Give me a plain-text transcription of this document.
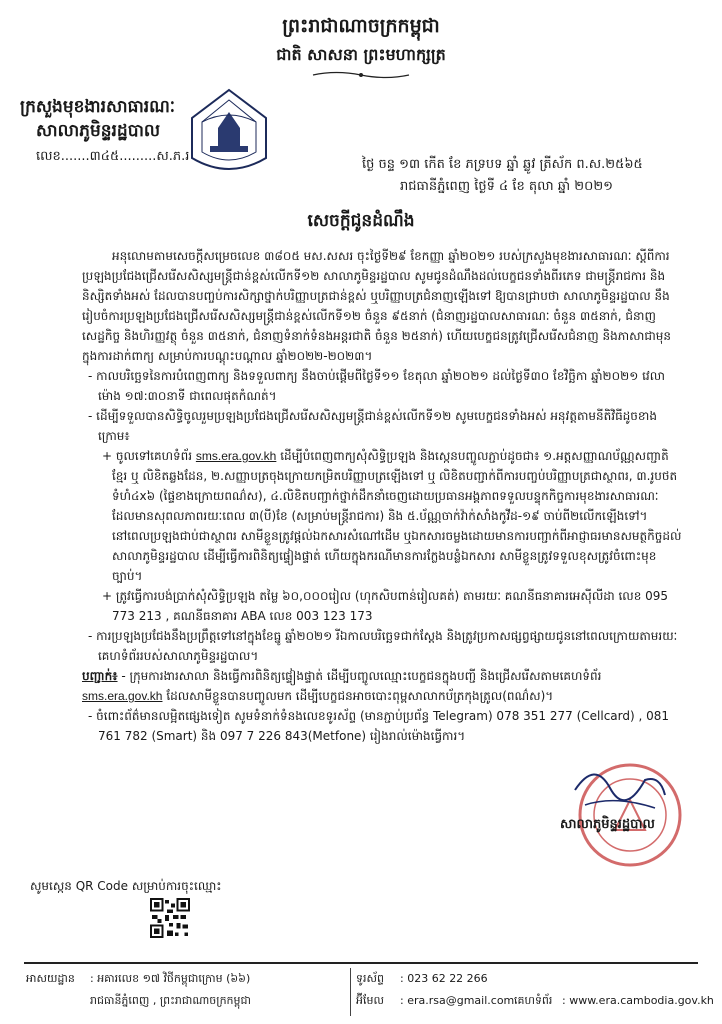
ព្រះរាជាណាចក្រកម្ពុជា
ជាតិ សាសនា ព្រះមហាក្សត្រ
ក្រសួងមុខងារសាធារណៈ
សាលាភូមិន្ទរដ្ឋបាល
លេខ.......៣៤៥.........ស.ភ.រ
ថ្ងៃ ចន្ទ ១៣ កើត ខែ ភទ្របទ ឆ្នាំ ឆ្លូវ ត្រីស័ក ព.ស.២៥៦៥
រាជធានីភ្នំពេញ ថ្ងៃទី ៤ ខែ តុលា ឆ្នាំ ២០២១
សេចក្តីជូនដំណឹង

អនុលោមតាមសេចក្តីសម្រេចលេខ ៣៨០៥ មស.សសរ ចុះថ្ងៃទី២៩ ខែកញ្ញា ឆ្នាំ២០២១ របស់ក្រសួងមុខងារសាធារណៈ ស្តីពីការប្រឡងប្រជែងជ្រើសរើសសិស្សមន្ត្រីជាន់ខ្ពស់លើកទី១២ សាលាភូមិន្ទរដ្ឋបាល សូមជូនដំណឹងដល់បេក្ខជនទាំងពីរភេទ ជាមន្ត្រីរាជការ និងនិស្សិតទាំងអស់ ដែលបានបញ្ចប់ការសិក្សាថ្នាក់បរិញ្ញាបត្រជាន់ខ្ពស់ ឬបរិញ្ញាបត្រជំនាញឡើងទៅ ឱ្យបានជ្រាបថា សាលាភូមិន្ទរដ្ឋបាល នឹងរៀបចំការប្រឡងប្រជែងជ្រើសរើសសិស្សមន្ត្រីជាន់ខ្ពស់លើកទី១២ ចំនួន ៩៥នាក់ (ជំនាញរដ្ឋបាលសាធារណៈ ចំនួន ៣៥នាក់, ជំនាញសេដ្ឋកិច្ច និងហិរញ្ញវត្ថុ ចំនួន ៣៥នាក់, ជំនាញទំនាក់ទំនងអន្តរជាតិ ចំនួន ២៥នាក់) ហើយបេក្ខជនត្រូវជ្រើសរើសជំនាញ និងភាសាជាមុនក្នុងការដាក់ពាក្យ សម្រាប់ការបណ្តុះបណ្តាល ឆ្នាំ២០២២-២០២៣។

- កាលបរិច្ឆេទនៃការបំពេញពាក្យ និងទទួលពាក្យ នឹងចាប់ផ្តើមពីថ្ងៃទី១១ ខែតុលា ឆ្នាំ២០២១ ដល់ថ្ងៃទី៣០ ខែវិច្ឆិកា ឆ្នាំ២០២១ វេលាម៉ោង ១៧:៣០នាទី ជាពេលផុតកំណត់។

- ដើម្បីទទួលបានសិទ្ធិចូលរួមប្រឡងប្រជែងជ្រើសរើសសិស្សមន្ត្រីជាន់ខ្ពស់លើកទី១២ សូមបេក្ខជនទាំងអស់ អនុវត្តតាមនីតិវិធីដូចខាងក្រោម៖

+ ចូលទៅគេហទំព័រ sms.era.gov.kh ដើម្បីបំពេញពាក្យសុំសិទ្ធិប្រឡង និងស្កេនបញ្ចូលភ្ជាប់ដូចជា៖ ១.អត្តសញ្ញាណប័ណ្ណសញ្ជាតិខ្មែរ ឬ លិខិតឆ្លងដែន, ២.សញ្ញាបត្រចុងក្រោយកម្រិតបរិញ្ញាបត្រឡើងទៅ ឬ លិខិតបញ្ជាក់ពីការបញ្ចប់បរិញ្ញាបត្រជាស្ថាពរ, ៣.រូបថតទំហំ៤x៦ (ផ្ទៃខាងក្រោយពណ៌ស), ៤.លិខិតបញ្ជាក់ថ្នាក់ដឹកនាំចេញដោយប្រធានអង្គភាពទទួលបន្ទុកកិច្ចការមុខងារសាធារណៈ ដែលមានសុពលភាពរយៈពេល ៣(បី)ខែ (សម្រាប់មន្ត្រីរាជការ) និង ៥.ប័ណ្ណចាក់វ៉ាក់សាំងកូវីដ-១៩ ចាប់ពី២លើកឡើងទៅ។ នៅពេលប្រឡងជាប់ជាស្ថាពរ សាមីខ្លួនត្រូវផ្តល់ឯកសារសំណៅដើម ឬឯកសារចម្លងដោយមានការបញ្ជាក់ពីអាជ្ញាធរមានសមត្ថកិច្ចដល់សាលាភូមិន្ទរដ្ឋបាល ដើម្បីធ្វើការពិនិត្យផ្ទៀងផ្ទាត់ ហើយក្នុងករណីមានការក្លែងបន្លំឯកសារ សាមីខ្លួនត្រូវទទួលខុសត្រូវចំពោះមុខច្បាប់។

+ ត្រូវធ្វើការបង់ប្រាក់សុំសិទ្ធិប្រឡង តម្លៃ ៦០,០០០រៀល (ហុកសិបពាន់រៀលគត់) តាមរយៈ គណនីធនាគារអេស៊ីលីដា លេខ 095 773 213 , គណនីធនាគារ ABA លេខ 003 123 173

- ការប្រឡងប្រជែងនឹងប្រព្រឹត្តទៅនៅក្នុងខែធ្នូ ឆ្នាំ២០២១ រីឯកាលបរិច្ឆេទជាក់ស្តែង និងត្រូវប្រកាសផ្សព្វផ្សាយជូននៅពេលក្រោយតាមរយៈគេហទំព័ររបស់សាលាភូមិន្ទរដ្ឋបាល។

បញ្ជាក់៖ - ក្រុមការងារសាលា និងធ្វើការពិនិត្យផ្ទៀងផ្ទាត់ ដើម្បីបញ្ចូលឈ្មោះបេក្ខជនក្នុងបញ្ជី និងជ្រើសរើសតាមគេហទំព័រ sms.era.gov.kh ដែលសាមីខ្លួនបានបញ្ចូលមក ដើម្បីបេក្ខជនអាចបោះពុម្ពសាលាកប័ត្រកុងត្រូល(ពណ៌ស)។

- ចំពោះព័ត៌មានលម្អិតផ្សេងទៀត សូមទំនាក់ទំនងលេខទូរស័ព្ទ (មានភ្ជាប់ប្រព័ន្ធ Telegram) 078 351 277 (Cellcard) , 081 761 782 (Smart) និង 097 7 226 843(Metfone) រៀងរាល់ម៉ោងធ្វើការ។

សាលាភូមិន្ទរដ្ឋបាល
សូមស្កេន QR Code សម្រាប់ការចុះឈ្មោះ
អាសយដ្ឋាន : អគារលេខ ១៧ វិថីកម្ពុជាក្រោម (៦៦)
រាជធានីភ្នំពេញ , ព្រះរាជាណាចក្រកម្ពុជា
ទូរស័ព្ទ : 023 62 22 266
អ៊ីមែល : era.rsa@gmail.com គេហទំព័រ : www.era.cambodia.gov.kh
